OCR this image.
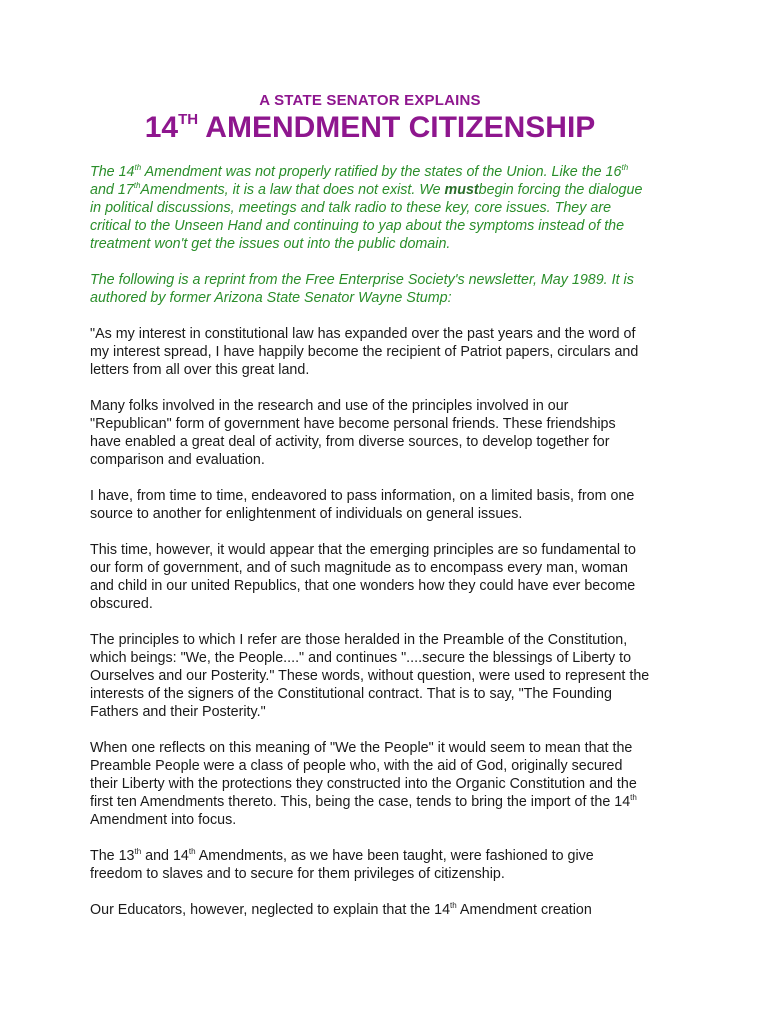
A STATE SENATOR EXPLAINS
14TH AMENDMENT CITIZENSHIP

The 14th Amendment was not properly ratified by the states of the Union. Like the 16th and 17thAmendments, it is a law that does not exist. We mustbegin forcing the dialogue in political discussions, meetings and talk radio to these key, core issues. They are critical to the Unseen Hand and continuing to yap about the symptoms instead of the treatment won't get the issues out into the public domain.

The following is a reprint from the Free Enterprise Society's newsletter, May 1989. It is authored by former Arizona State Senator Wayne Stump:

"As my interest in constitutional law has expanded over the past years and the word of my interest spread, I have happily become the recipient of Patriot papers, circulars and letters from all over this great land.

Many folks involved in the research and use of the principles involved in our "Republican" form of government have become personal friends. These friendships have enabled a great deal of activity, from diverse sources, to develop together for comparison and evaluation.

I have, from time to time, endeavored to pass information, on a limited basis, from one source to another for enlightenment of individuals on general issues.

This time, however, it would appear that the emerging principles are so fundamental to our form of government, and of such magnitude as to encompass every man, woman and child in our united Republics, that one wonders how they could have ever become obscured.

The principles to which I refer are those heralded in the Preamble of the Constitution, which beings: "We, the People...." and continues "....secure the blessings of Liberty to Ourselves and our Posterity." These words, without question, were used to represent the interests of the signers of the Constitutional contract. That is to say, "The Founding Fathers and their Posterity."

When one reflects on this meaning of "We the People" it would seem to mean that the Preamble People were a class of people who, with the aid of God, originally secured their Liberty with the protections they constructed into the Organic Constitution and the first ten Amendments thereto. This, being the case, tends to bring the import of the 14th Amendment into focus.

The 13th and 14th Amendments, as we have been taught, were fashioned to give freedom to slaves and to secure for them privileges of citizenship.

Our Educators, however, neglected to explain that the 14th Amendment creation
